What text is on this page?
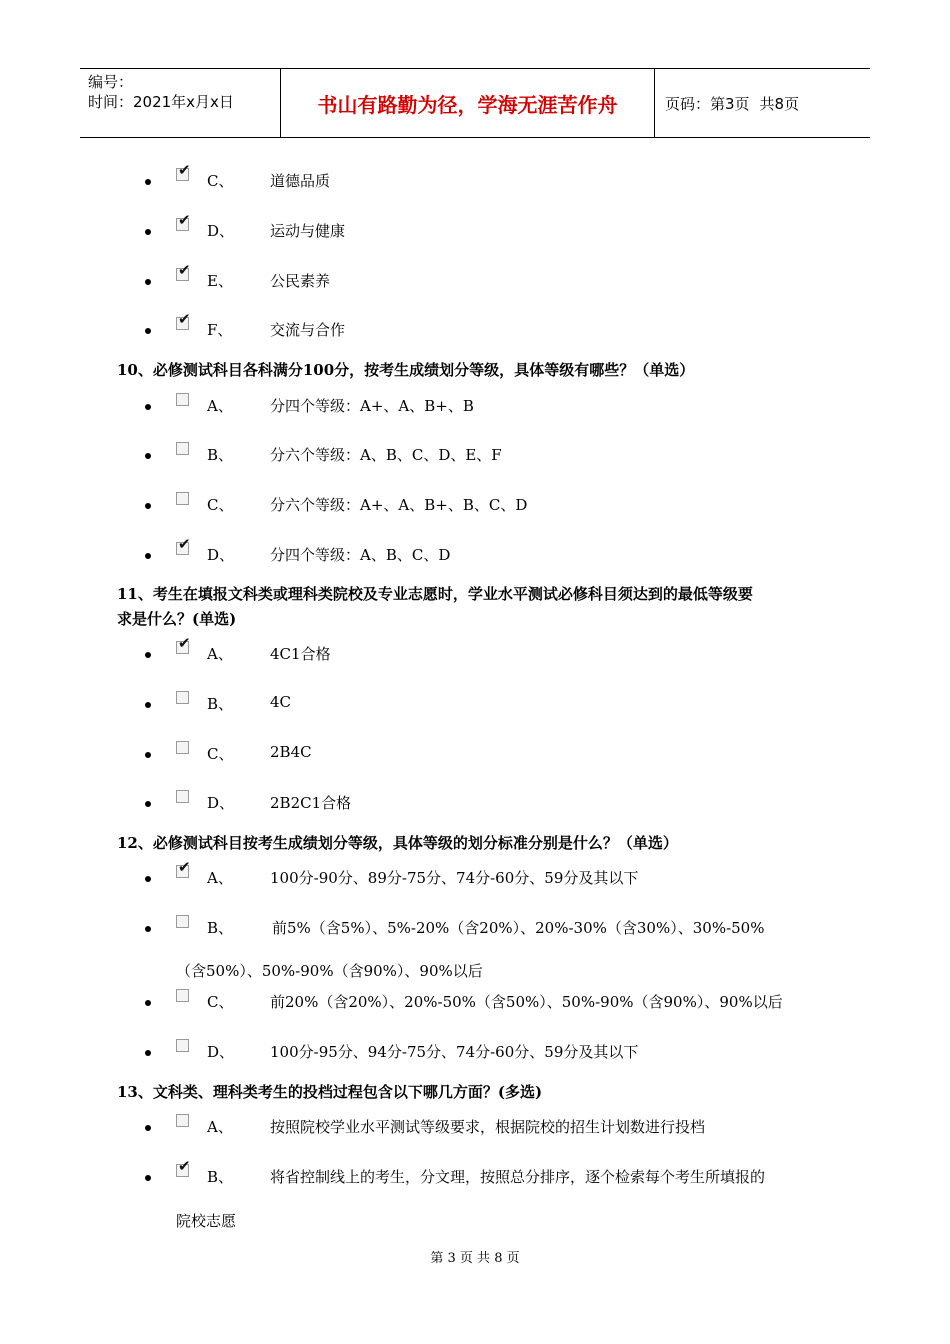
编号：
时间：2021年x月x日	书山有路勤为径，学海无涯苦作舟	页码：第3页 共8页
✔
C、 道德品质
✔
D、 运动与健康
✔
E、 公民素养
✔
F、	交流与合作
10、必修测试科目各科满分100分，按考生成绩划分等级，具体等级有哪些？（单选）
A、 分四个等级：A+、A、B+、B
B、 分六个等级：A、B、C、D、E、F
C、 分六个等级：A+、A、B+、B、C、D
✔
D、 分四个等级：A、B、C、D
11、考生在填报文科类或理科类院校及专业志愿时，学业水平测试必修科目须达到的最低等级要
求是什么？(单选)
✔
A、 4C1合格
B、 4C
C、 2B4C
D、 2B2C1合格
12、必修测试科目按考生成绩划分等级，具体等级的划分标准分别是什么？（单选）
✔
A、 100分-90分、89分-75分、74分-60分、59分及其以下
B、	前5%（含5%）、5%-20%（含20%）、20%-30%（含30%）、30%-50%
（含50%）、50%-90%（含90%）、90%以后
C、 前20%（含20%）、20%-50%（含50%）、50%-90%（含90%）、90%以后
D、 100分-95分、94分-75分、74分-60分、59分及其以下
13、文科类、理科类考生的投档过程包含以下哪几方面？(多选)
A、 按照院校学业水平测试等级要求，根据院校的招生计划数进行投档
✔
B、 将省控制线上的考生，分文理，按照总分排序，逐个检索每个考生所填报的
院校志愿
第 3 页 共 8 页
